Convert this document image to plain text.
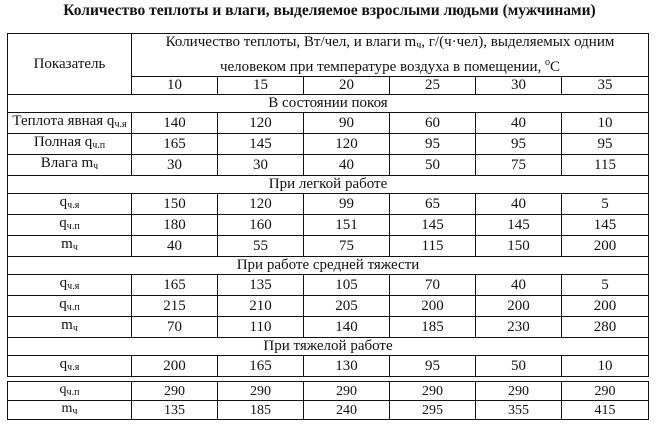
Количество теплоты и влаги, выделяемое взрослыми людьми (мужчинами)
Показатель	Количество теплоты, Вт/чел, и влаги $m_ч$, г/(ч·чел), выделяемых одним
человеком при температуре воздуха в помещении, $^o$C					
	10	15	20	25	30	35
В состоянии покоя						
Теплота явная $q_{ч.я}$	140	120	90	60	40	10
Полная $q_{ч.п}$	165	145	120	95	95	95
Влага $m_ч$	30	30	40	50	75	115
При легкой работе						
$q_{ч.я}$	150	120	99	65	40	5
$q_{ч.п}$	180	160	151	145	145	145
$m_ч$	40	55	75	115	150	200
При работе средней тяжести						
$q_{ч.я}$	165	135	105	70	40	5
$q_{ч.п}$	215	210	205	200	200	200
$m_ч$	70	110	140	185	230	280
При тяжелой работе						
$q_{ч.я}$	200	165	130	95	50	10
$q_{ч.п}$	290	290	290	290	290	290
$m_ч$	135	185	240	295	355	415
